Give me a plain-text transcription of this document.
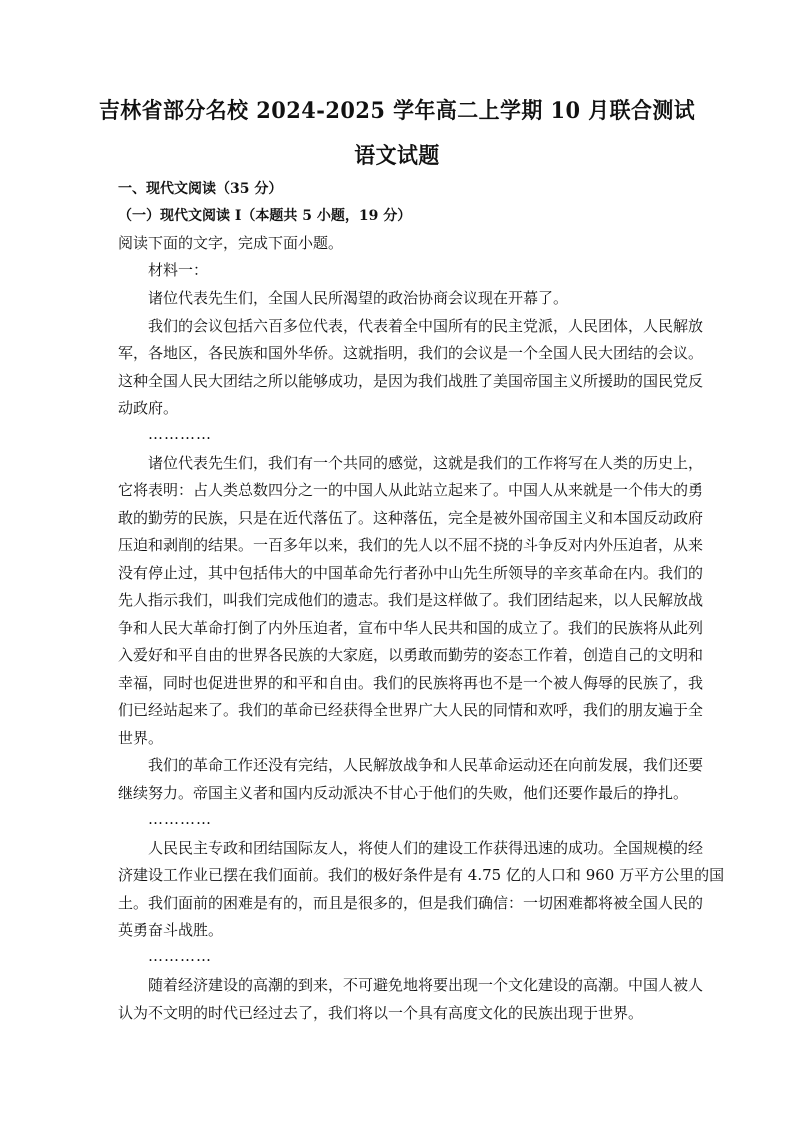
吉林省部分名校 2024-2025 学年高二上学期 10 月联合测试
语文试题
一、现代文阅读（35 分）
（一）现代文阅读 I（本题共 5 小题，19 分）
阅读下面的文字，完成下面小题。
材料一：
诸位代表先生们，全国人民所渴望的政治协商会议现在开幕了。
我们的会议包括六百多位代表，代表着全中国所有的民主党派，人民团体，人民解放
军，各地区，各民族和国外华侨。这就指明，我们的会议是一个全国人民大团结的会议。
这种全国人民大团结之所以能够成功，是因为我们战胜了美国帝国主义所援助的国民党反
动政府。
…………
诸位代表先生们，我们有一个共同的感觉，这就是我们的工作将写在人类的历史上，
它将表明：占人类总数四分之一的中国人从此站立起来了。中国人从来就是一个伟大的勇
敢的勤劳的民族，只是在近代落伍了。这种落伍，完全是被外国帝国主义和本国反动政府
压迫和剥削的结果。一百多年以来，我们的先人以不屈不挠的斗争反对内外压迫者，从来
没有停止过，其中包括伟大的中国革命先行者孙中山先生所领导的辛亥革命在内。我们的
先人指示我们，叫我们完成他们的遗志。我们是这样做了。我们团结起来，以人民解放战
争和人民大革命打倒了内外压迫者，宣布中华人民共和国的成立了。我们的民族将从此列
入爱好和平自由的世界各民族的大家庭，以勇敢而勤劳的姿态工作着，创造自己的文明和
幸福，同时也促进世界的和平和自由。我们的民族将再也不是一个被人侮辱的民族了，我
们已经站起来了。我们的革命已经获得全世界广大人民的同情和欢呼，我们的朋友遍于全
世界。
我们的革命工作还没有完结，人民解放战争和人民革命运动还在向前发展，我们还要
继续努力。帝国主义者和国内反动派决不甘心于他们的失败，他们还要作最后的挣扎。
…………
人民民主专政和团结国际友人，将使人们的建设工作获得迅速的成功。全国规模的经
济建设工作业已摆在我们面前。我们的极好条件是有 4.75 亿的人口和 960 万平方公里的国
土。我们面前的困难是有的，而且是很多的，但是我们确信：一切困难都将被全国人民的
英勇奋斗战胜。
…………
随着经济建设的高潮的到来，不可避免地将要出现一个文化建设的高潮。中国人被人
认为不文明的时代已经过去了，我们将以一个具有高度文化的民族出现于世界。
